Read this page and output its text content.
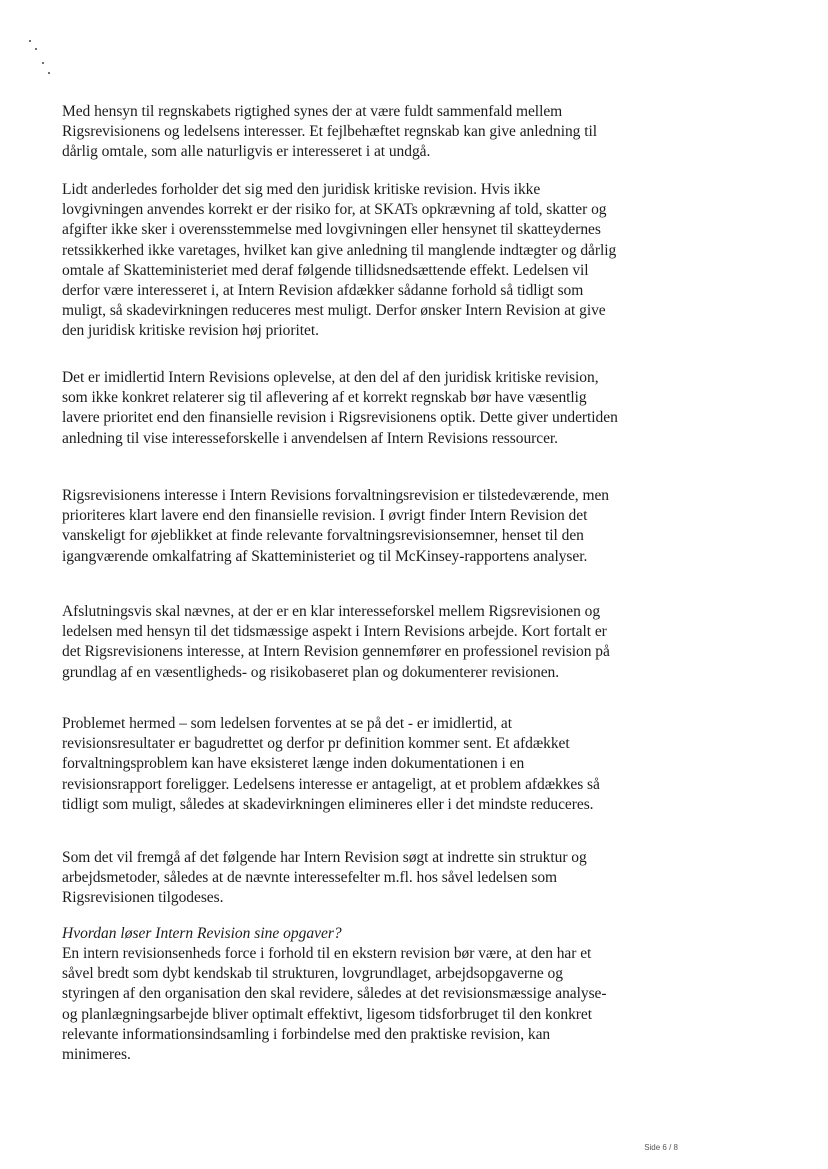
Med hensyn til regnskabets rigtighed synes der at være fuldt sammenfald mellem Rigsrevisionens og ledelsens interesser. Et fejlbehæftet regnskab kan give anledning til dårlig omtale, som alle naturligvis er interesseret i at undgå.

Lidt anderledes forholder det sig med den juridisk kritiske revision. Hvis ikke lovgivningen anvendes korrekt er der risiko for, at SKATs opkrævning af told, skatter og afgifter ikke sker i overensstemmelse med lovgivningen eller hensynet til skatteydernes retssikkerhed ikke varetages, hvilket kan give anledning til manglende indtægter og dårlig omtale af Skatteministeriet med deraf følgende tillidsnedsættende effekt. Ledelsen vil derfor være interesseret i, at Intern Revision afdækker sådanne forhold så tidligt som muligt, så skadevirkningen reduceres mest muligt. Derfor ønsker Intern Revision at give den juridisk kritiske revision høj prioritet.

Det er imidlertid Intern Revisions oplevelse, at den del af den juridisk kritiske revision, som ikke konkret relaterer sig til aflevering af et korrekt regnskab bør have væsentlig lavere prioritet end den finansielle revision i Rigsrevisionens optik. Dette giver undertiden anledning til vise interesseforskelle i anvendelsen af Intern Revisions ressourcer.

Rigsrevisionens interesse i Intern Revisions forvaltningsrevision er tilstedeværende, men prioriteres klart lavere end den finansielle revision. I øvrigt finder Intern Revision det vanskeligt for øjeblikket at finde relevante forvaltningsrevisionsemner, henset til den igangværende omkalfatring af Skatteministeriet og til McKinsey-rapportens analyser.

Afslutningsvis skal nævnes, at der er en klar interesseforskel mellem Rigsrevisionen og ledelsen med hensyn til det tidsmæssige aspekt i Intern Revisions arbejde. Kort fortalt er det Rigsrevisionens interesse, at Intern Revision gennemfører en professionel revision på grundlag af en væsentligheds- og risikobaseret plan og dokumenterer revisionen.

Problemet hermed – som ledelsen forventes at se på det - er imidlertid, at revisionsresultater er bagudrettet og derfor pr definition kommer sent. Et afdækket forvaltningsproblem kan have eksisteret længe inden dokumentationen i en revisionsrapport foreligger. Ledelsens interesse er antageligt, at et problem afdækkes så tidligt som muligt, således at skadevirkningen elimineres eller i det mindste reduceres.

Som det vil fremgå af det følgende har Intern Revision søgt at indrette sin struktur og arbejdsmetoder, således at de nævnte interessefelter m.fl. hos såvel ledelsen som Rigsrevisionen tilgodeses.

Hvordan løser Intern Revision sine opgaver?

En intern revisionsenheds force i forhold til en ekstern revision bør være, at den har et såvel bredt som dybt kendskab til strukturen, lovgrundlaget, arbejdsopgaverne og styringen af den organisation den skal revidere, således at det revisionsmæssige analyse- og planlægningsarbejde bliver optimalt effektivt, ligesom tidsforbruget til den konkret relevante informationsindsamling i forbindelse med den praktiske revision, kan minimeres.

Side 6 / 8
